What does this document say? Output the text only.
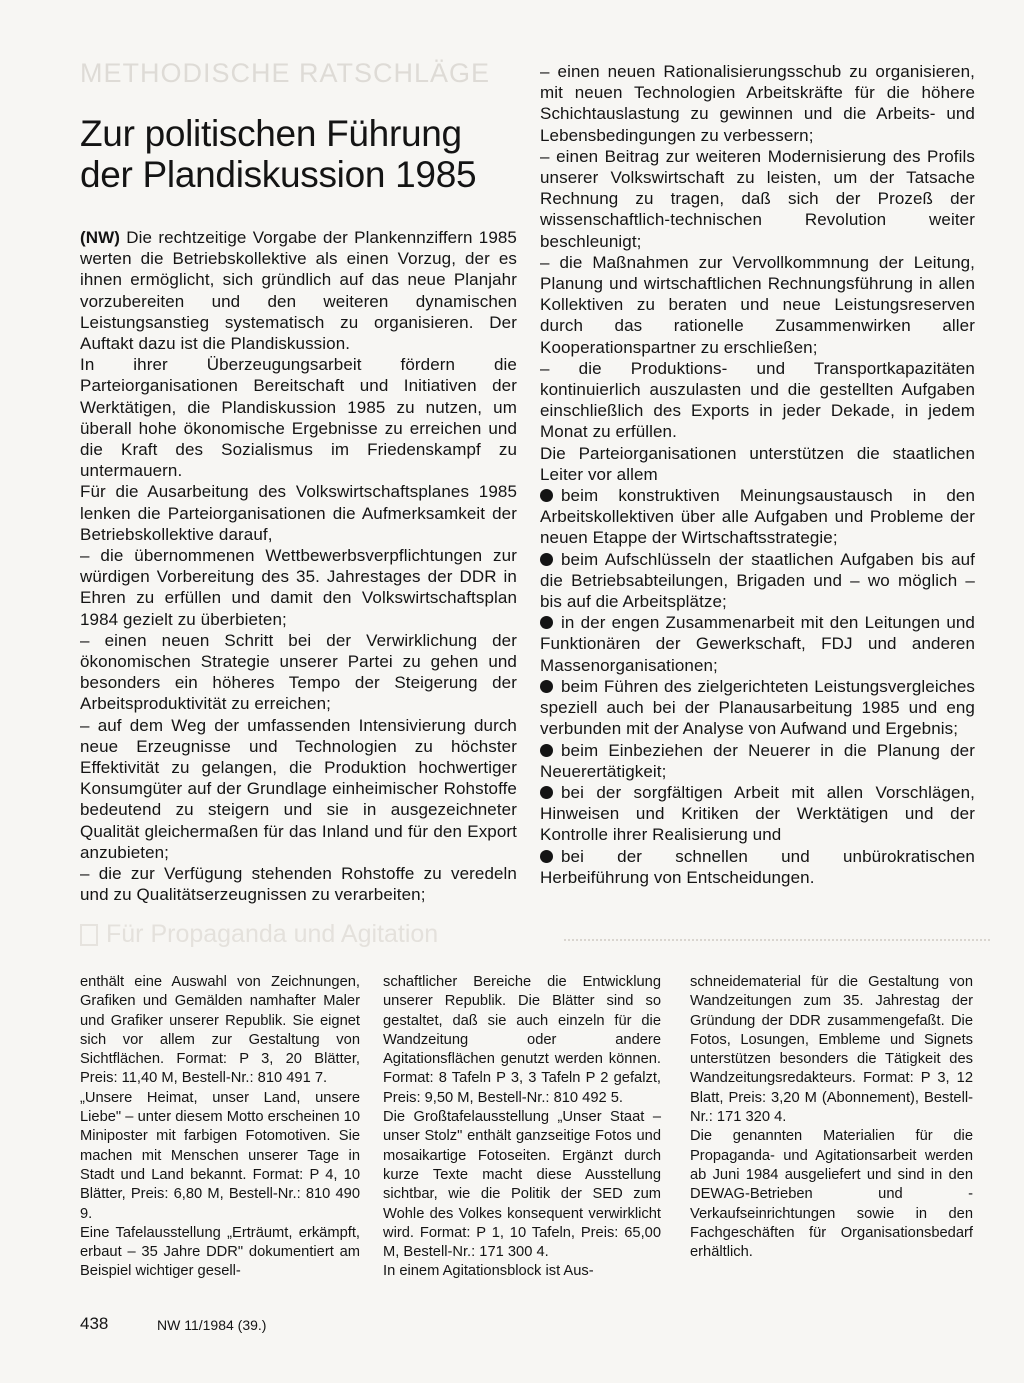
METHODISCHE RATSCHLÄGE
Zur politischen Führung
der Plandiskussion 1985

(NW) Die rechtzeitige Vorgabe der Plankennziffern 1985 werten die Betriebskollektive als einen Vorzug, der es ihnen ermöglicht, sich gründlich auf das neue Planjahr vorzubereiten und den weiteren dynamischen Leistungsanstieg systematisch zu organisieren. Der Auftakt dazu ist die Plandiskussion.

In ihrer Überzeugungsarbeit fördern die Parteiorganisationen Bereitschaft und Initiativen der Werktätigen, die Plandiskussion 1985 zu nutzen, um überall hohe ökonomische Ergebnisse zu erreichen und die Kraft des Sozialismus im Friedenskampf zu untermauern.

Für die Ausarbeitung des Volkswirtschaftsplanes 1985 lenken die Parteiorganisationen die Aufmerksamkeit der Betriebskollektive darauf,

– die übernommenen Wettbewerbsverpflichtungen zur würdigen Vorbereitung des 35. Jahrestages der DDR in Ehren zu erfüllen und damit den Volkswirtschaftsplan 1984 gezielt zu überbieten;

– einen neuen Schritt bei der Verwirklichung der ökonomischen Strategie unserer Partei zu gehen und besonders ein höheres Tempo der Steigerung der Arbeitsproduktivität zu erreichen;

– auf dem Weg der umfassenden Intensivierung durch neue Erzeugnisse und Technologien zu höchster Effektivität zu gelangen, die Produktion hochwertiger Konsumgüter auf der Grundlage einheimischer Rohstoffe bedeutend zu steigern und sie in ausgezeichneter Qualität gleichermaßen für das Inland und für den Export anzubieten;

– die zur Verfügung stehenden Rohstoffe zu veredeln und zu Qualitätserzeugnissen zu verarbeiten;

– einen neuen Rationalisierungsschub zu organisieren, mit neuen Technologien Arbeitskräfte für die höhere Schichtauslastung zu gewinnen und die Arbeits- und Lebensbedingungen zu verbessern;

– einen Beitrag zur weiteren Modernisierung des Profils unserer Volkswirtschaft zu leisten, um der Tatsache Rechnung zu tragen, daß sich der Prozeß der wissenschaftlich-technischen Revolution weiter beschleunigt;

– die Maßnahmen zur Vervollkommnung der Leitung, Planung und wirtschaftlichen Rechnungsführung in allen Kollektiven zu beraten und neue Leistungsreserven durch das rationelle Zusammenwirken aller Kooperationspartner zu erschließen;

– die Produktions- und Transportkapazitäten kontinuierlich auszulasten und die gestellten Aufgaben einschließlich des Exports in jeder Dekade, in jedem Monat zu erfüllen.

Die Parteiorganisationen unterstützen die staatlichen Leiter vor allem

beim konstruktiven Meinungsaustausch in den Arbeitskollektiven über alle Aufgaben und Probleme der neuen Etappe der Wirtschaftsstrategie;

beim Aufschlüsseln der staatlichen Aufgaben bis auf die Betriebsabteilungen, Brigaden und – wo möglich – bis auf die Arbeitsplätze;

in der engen Zusammenarbeit mit den Leitungen und Funktionären der Gewerkschaft, FDJ und anderen Massenorganisationen;

beim Führen des zielgerichteten Leistungsvergleiches speziell auch bei der Planausarbeitung 1985 und eng verbunden mit der Analyse von Aufwand und Ergebnis;

beim Einbeziehen der Neuerer in die Planung der Neuerertätigkeit;

bei der sorgfältigen Arbeit mit allen Vorschlägen, Hinweisen und Kritiken der Werktätigen und der Kontrolle ihrer Realisierung und

bei der schnellen und unbürokratischen Herbeiführung von Entscheidungen.

Für Propaganda und Agitation

enthält eine Auswahl von Zeichnungen, Grafiken und Gemälden namhafter Maler und Grafiker unserer Republik. Sie eignet sich vor allem zur Gestaltung von Sichtflächen. Format: P 3, 20 Blätter, Preis: 11,40 M, Bestell-Nr.: 810 491 7.

„Unsere Heimat, unser Land, unsere Liebe" – unter diesem Motto erscheinen 10 Miniposter mit farbigen Fotomotiven. Sie machen mit Menschen unserer Tage in Stadt und Land bekannt. Format: P 4, 10 Blätter, Preis: 6,80 M, Bestell-Nr.: 810 490 9.

Eine Tafelausstellung „Erträumt, erkämpft, erbaut – 35 Jahre DDR" dokumentiert am Beispiel wichtiger gesell-

schaftlicher Bereiche die Entwicklung unserer Republik. Die Blätter sind so gestaltet, daß sie auch einzeln für die Wandzeitung oder andere Agitationsflächen genutzt werden können. Format: 8 Tafeln P 3, 3 Tafeln P 2 gefalzt, Preis: 9,50 M, Bestell-Nr.: 810 492 5.

Die Großtafelausstellung „Unser Staat – unser Stolz" enthält ganzseitige Fotos und mosaikartige Fotoseiten. Ergänzt durch kurze Texte macht diese Ausstellung sichtbar, wie die Politik der SED zum Wohle des Volkes konsequent verwirklicht wird. Format: P 1, 10 Tafeln, Preis: 65,00 M, Bestell-Nr.: 171 300 4.

In einem Agitationsblock ist Aus-

schneidematerial für die Gestaltung von Wandzeitungen zum 35. Jahrestag der Gründung der DDR zusammengefaßt. Die Fotos, Losungen, Embleme und Signets unterstützen besonders die Tätigkeit des Wandzeitungsredakteurs. Format: P 3, 12 Blatt, Preis: 3,20 M (Abonnement), Bestell-Nr.: 171 320 4.

Die genannten Materialien für die Propaganda- und Agitationsarbeit werden ab Juni 1984 ausgeliefert und sind in den DEWAG-Betrieben und -Verkaufseinrichtungen sowie in den Fachgeschäften für Organisationsbedarf erhältlich.

438	NW 11/1984 (39.)
